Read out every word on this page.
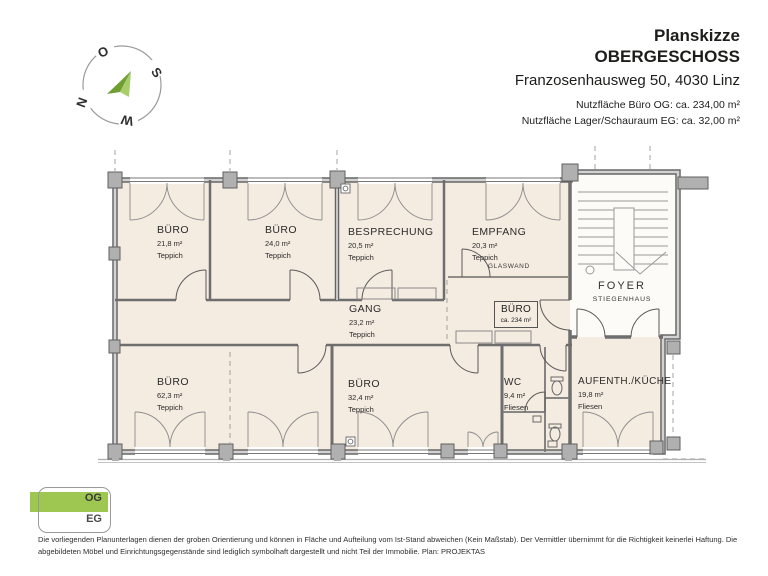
O
S
W
N
Planskizze
OBERGESCHOSS
Franzosenhausweg 50, 4030 Linz
Nutzfläche Büro OG: ca. 234,00 m²
Nutzfläche Lager/Schauraum EG: ca. 32,00 m²
BÜRO
21,8 m²
Teppich
BÜRO
24,0 m²
Teppich
BESPRECHUNG
20,5 m²
Teppich
EMPFANG
20,3 m²
Teppich
GANG
23,2 m²
Teppich
BÜRO
62,3 m²
Teppich
BÜRO
32,4 m²
Teppich
WC
9,4 m²
Fliesen
AUFENTH./KÜCHE
19,8 m²
Fliesen
BÜRO
ca. 234 m²
FOYER
STIEGENHAUS
GLASWAND
OG
EG
Die vorliegenden Planunterlagen dienen der groben Orientierung und können in Fläche und Aufteilung vom Ist-Stand abweichen (Kein Maßstab). Der Vermittler übernimmt für die Richtigkeit keinerlei Haftung. Die abgebildeten Möbel und Einrichtungsgegenstände sind lediglich symbolhaft dargestellt und nicht Teil der Immobilie. Plan: PROJEKTAS
